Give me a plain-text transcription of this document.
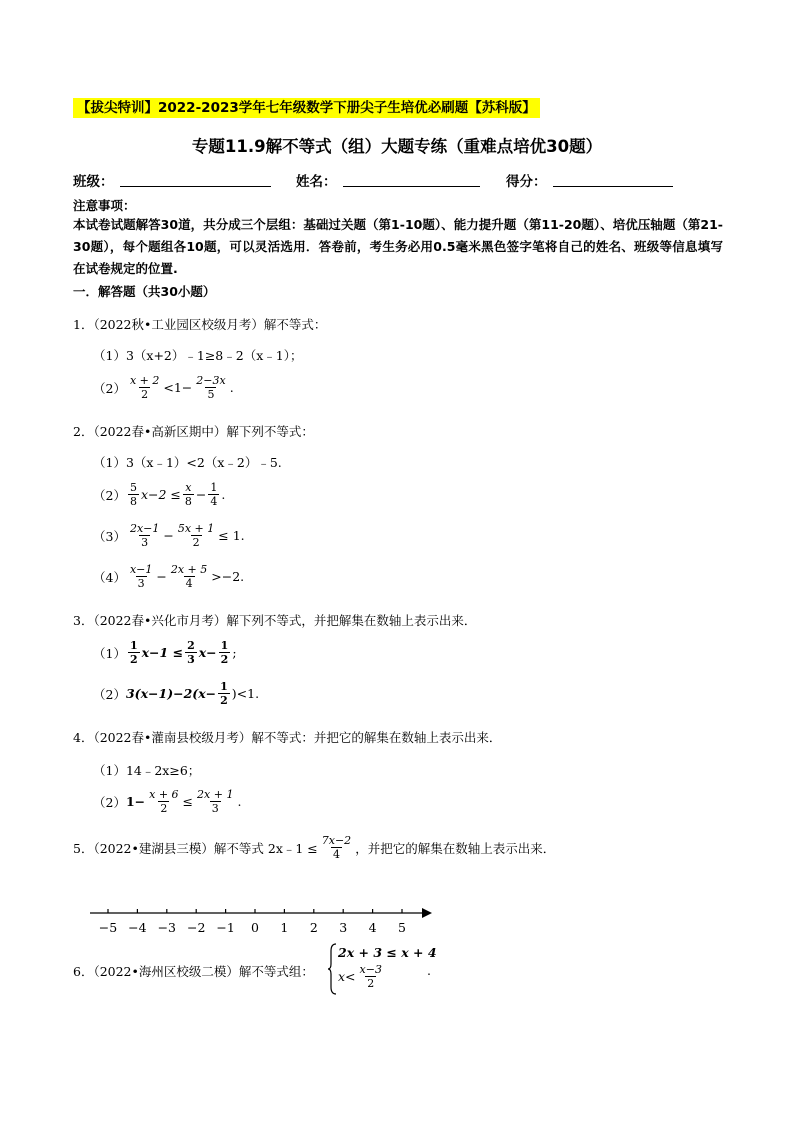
【拔尖特训】2022-2023学年七年级数学下册尖子生培优必刷题【苏科版】
专题11.9解不等式（组）大题专练（重难点培优30题）
班级：	姓名：	得分：
注意事项：
本试卷试题解答30道，共分成三个层组：基础过关题（第1-10题）、能力提升题（第11-20题）、培优压轴题（第21-30题），每个题组各10题，可以灵活选用．答卷前，考生务必用0.5毫米黑色签字笔将自己的姓名、班级等信息填写在试卷规定的位置.
一．解答题（共30小题）
1．（2022秋•工业园区校级月考）解不等式：
（1）3（x+2）﹣1≥8﹣2（x﹣1）；
$(2) \frac{x + 2}{2} <1- \frac{2-3x}{5}$ .
2．（2022春•高新区期中）解下列不等式：
（1）3（x﹣1）<2（x﹣2）﹣5.
$(2) \frac{5}{8} x-2 \le \frac{x}{8} - \frac{1}{4}$ .
$(3) \frac{2x-1}{3} - \frac{5x + 1}{2} \le 1$.
$(4) \frac{x-1}{3} - \frac{2x + 5}{4} >-2$.
3．（2022春•兴化市月考）解下列不等式，并把解集在数轴上表示出来．
$(1) \frac{1}{2} x-1 \le \frac{2}{3} x- \frac{1}{2}$ ;
（2） $3(x-1)-2(x- \frac{1}{2} )<1$.
4．（2022春•灌南县校级月考）解不等式：并把它的解集在数轴上表示出来．
（1）14﹣2x≥6；
（2） $1- \frac{x + 6}{2} \le \frac{2x + 1}{3}$ .
5．（2022•建湖县三模）解不等式 2x﹣1 ≤ $\frac{7x-2}{4}$ ，并把它的解集在数轴上表示出来．
−5 −4 −3 −2 −1 0 1 2 3 4 5
6．（2022•海州区校级二模）解不等式组：
2x + 3 ≤ x + 4
$x< \frac{x-3}{2}$	.
